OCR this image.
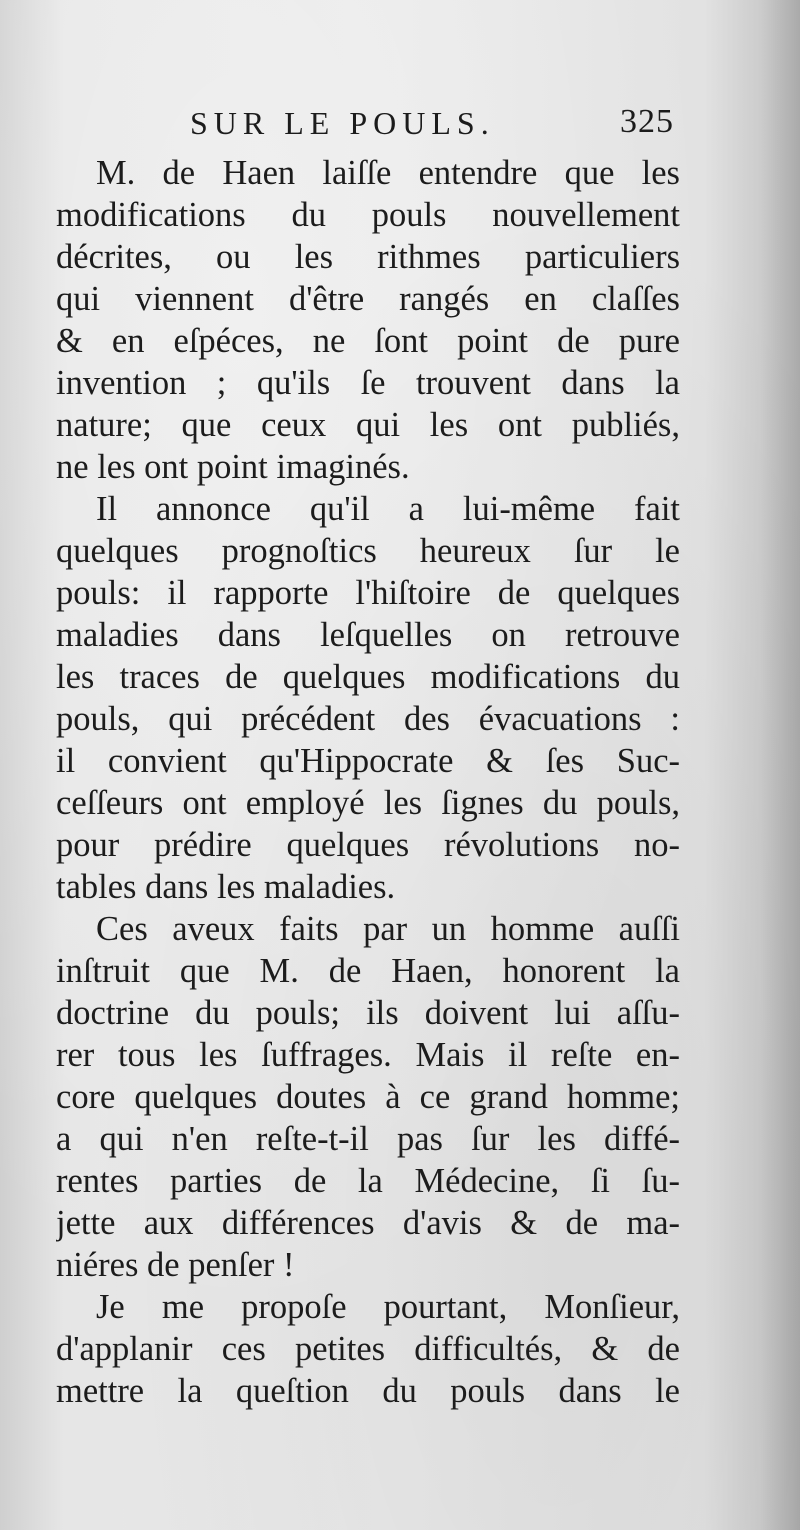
SUR LE POULS.	325
M. de Haen laiſſe entendre que les
modifications du pouls nouvellement
décrites, ou les rithmes particuliers
qui viennent d'être rangés en claſſes
& en eſpéces, ne ſont point de pure
invention ; qu'ils ſe trouvent dans la
nature; que ceux qui les ont publiés,
ne les ont point imaginés.
Il annonce qu'il a lui-même fait
quelques prognoſtics heureux ſur le
pouls: il rapporte l'hiſtoire de quelques
maladies dans leſquelles on retrouve
les traces de quelques modifications du
pouls, qui précédent des évacuations :
il convient qu'Hippocrate & ſes Suc-
ceſſeurs ont employé les ſignes du pouls,
pour prédire quelques révolutions no-
tables dans les maladies.
Ces aveux faits par un homme auſſi
inſtruit que M. de Haen, honorent la
doctrine du pouls; ils doivent lui aſſu-
rer tous les ſuffrages. Mais il reſte en-
core quelques doutes à ce grand homme;
a qui n'en reſte-t-il pas ſur les diffé-
rentes parties de la Médecine, ſi ſu-
jette aux différences d'avis & de ma-
niéres de penſer !
Je me propoſe pourtant, Monſieur,
d'applanir ces petites difficultés, & de
mettre la queſtion du pouls dans le
